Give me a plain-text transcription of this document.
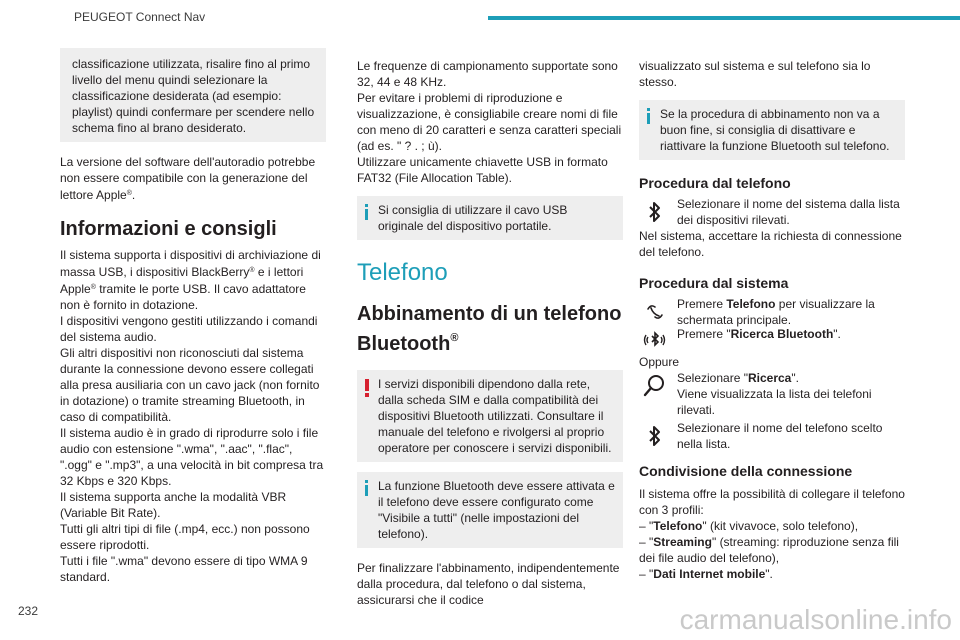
PEUGEOT Connect Nav
232

classificazione utilizzata, risalire fino al primo livello del menu quindi selezionare la classificazione desiderata (ad esempio: playlist) quindi confermare per scendere nello schema fino al brano desiderato.

La versione del software dell'autoradio potrebbe non essere compatibile con la generazione del lettore Apple®.

Informazioni e consigli

Il sistema supporta i dispositivi di archiviazione di massa USB, i dispositivi BlackBerry® e i lettori Apple® tramite le porte USB. Il cavo adattatore non è fornito in dotazione.

I dispositivi vengono gestiti utilizzando i comandi del sistema audio.

Gli altri dispositivi non riconosciuti dal sistema durante la connessione devono essere collegati alla presa ausiliaria con un cavo jack (non fornito in dotazione) o tramite streaming Bluetooth, in caso di compatibilità.

Il sistema audio è in grado di riprodurre solo i file audio con estensione ".wma", ".aac", ".flac", ".ogg" e ".mp3", a una velocità in bit compresa tra 32 Kbps e 320 Kbps.

Il sistema supporta anche la modalità VBR (Variable Bit Rate).

Tutti gli altri tipi di file (.mp4, ecc.) non possono essere riprodotti.

Tutti i file ".wma" devono essere di tipo WMA 9 standard.

Le frequenze di campionamento supportate sono 32, 44 e 48 KHz.

Per evitare i problemi di riproduzione e visualizzazione, è consigliabile creare nomi di file con meno di 20 caratteri e senza caratteri speciali (ad es. " ? . ; ù).

Utilizzare unicamente chiavette USB in formato FAT32 (File Allocation Table).

Si consiglia di utilizzare il cavo USB originale del dispositivo portatile.

Telefono
Abbinamento di un telefono Bluetooth®

I servizi disponibili dipendono dalla rete, dalla scheda SIM e dalla compatibilità dei dispositivi Bluetooth utilizzati. Consultare il manuale del telefono e rivolgersi al proprio operatore per conoscere i servizi disponibili.

La funzione Bluetooth deve essere attivata e il telefono deve essere configurato come "Visibile a tutti" (nelle impostazioni del telefono).

Per finalizzare l'abbinamento, indipendentemente dalla procedura, dal telefono o dal sistema, assicurarsi che il codice

visualizzato sul sistema e sul telefono sia lo stesso.

Se la procedura di abbinamento non va a buon fine, si consiglia di disattivare e riattivare la funzione Bluetooth sul telefono.

Procedura dal telefono

Selezionare il nome del sistema dalla lista dei dispositivi rilevati.

Nel sistema, accettare la richiesta di connessione del telefono.

Procedura dal sistema

Premere Telefono per visualizzare la schermata principale.

Premere "Ricerca Bluetooth".

Oppure

Selezionare "Ricerca".

Viene visualizzata la lista dei telefoni rilevati.

Selezionare il nome del telefono scelto nella lista.

Condivisione della connessione

Il sistema offre la possibilità di collegare il telefono con 3 profili:

– "Telefono" (kit vivavoce, solo telefono),

– "Streaming" (streaming: riproduzione senza fili dei file audio del telefono),

– "Dati Internet mobile".

carmanualsonline.info
